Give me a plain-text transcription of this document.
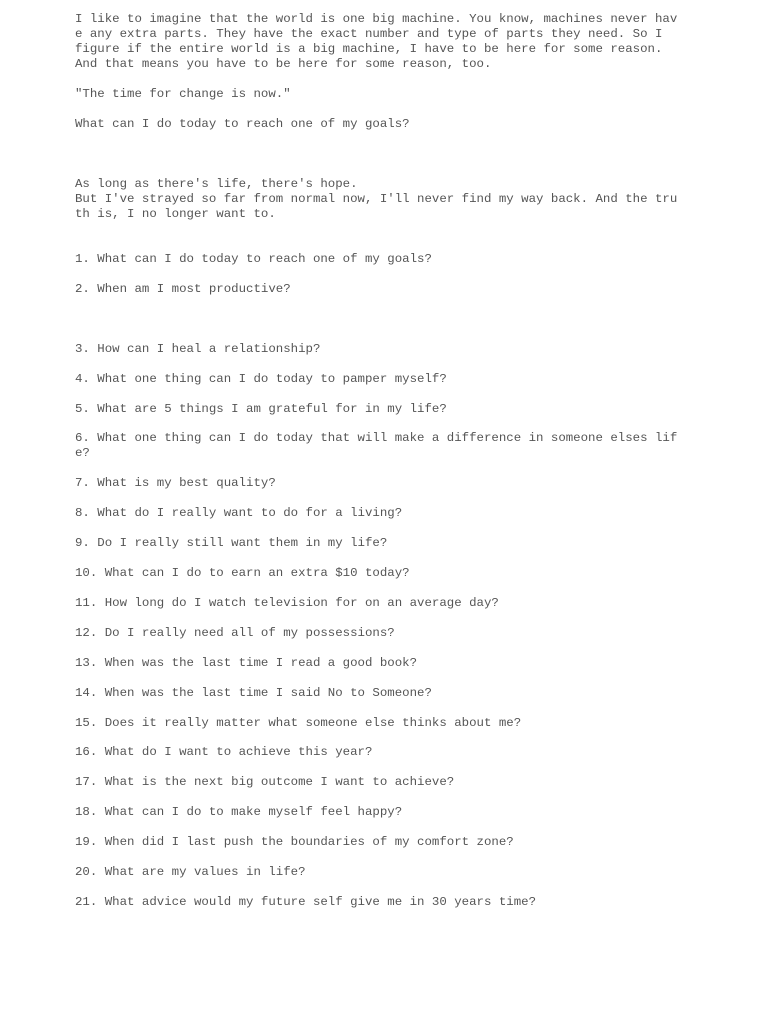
I like to imagine that the world is one big machine. You know, machines never hav
e any extra parts. They have the exact number and type of parts they need. So I
figure if the entire world is a big machine, I have to be here for some reason.
And that means you have to be here for some reason, too.
"The time for change is now."
What can I do today to reach one of my goals?
As long as there's life, there's hope.
But I've strayed so far from normal now, I'll never find my way back. And the tru
th is, I no longer want to.
1. What can I do today to reach one of my goals?
2. When am I most productive?
3. How can I heal a relationship?
4. What one thing can I do today to pamper myself?
5. What are 5 things I am grateful for in my life?
6. What one thing can I do today that will make a difference in someone elses lif
e?
7. What is my best quality?
8. What do I really want to do for a living?
9. Do I really still want them in my life?
10. What can I do to earn an extra $10 today?
11. How long do I watch television for on an average day?
12. Do I really need all of my possessions?
13. When was the last time I read a good book?
14. When was the last time I said No to Someone?
15. Does it really matter what someone else thinks about me?
16. What do I want to achieve this year?
17. What is the next big outcome I want to achieve?
18. What can I do to make myself feel happy?
19. When did I last push the boundaries of my comfort zone?
20. What are my values in life?
21. What advice would my future self give me in 30 years time?
